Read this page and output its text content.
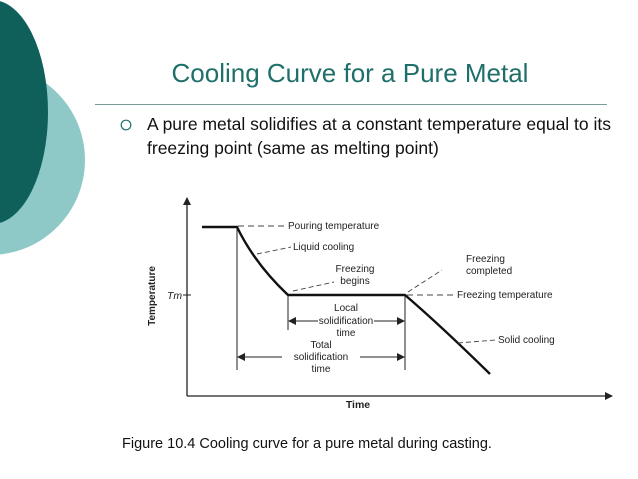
Cooling Curve for a Pure Metal
A pure metal solidifies at a constant temperature equal to its freezing point (same as melting point)
Temperature
Time
Tm
Pouring temperature
Liquid cooling
Freezing
begins
Freezing
completed
Freezing temperature
Local
solidification
time
Total
solidification
time
Solid cooling
Figure 10.4 Cooling curve for a pure metal during casting.
